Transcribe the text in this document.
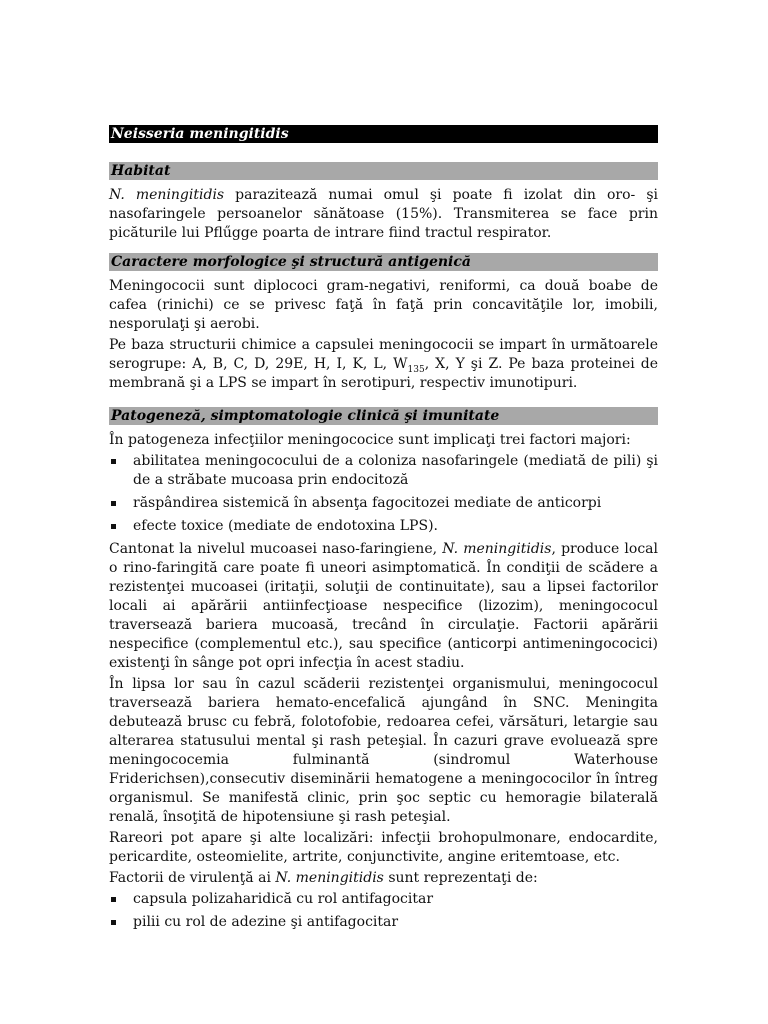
Neisseria meningitidis
Habitat

N. meningitidis parazitează numai omul şi poate fi izolat din oro- şi nasofaringele persoanelor sănătoase (15%). Transmiterea se face prin picăturile lui Pflűgge poarta de intrare fiind tractul respirator.

Caractere morfologice şi structură antigenică

Meningococii sunt diplococi gram-negativi, reniformi, ca două boabe de cafea (rinichi) ce se privesc faţă în faţă prin concavităţile lor, imobili, nesporulaţi şi aerobi.

Pe baza structurii chimice a capsulei meningococii se impart în următoarele serogrupe: A, B, C, D, 29E, H, I, K, L, $W_{135}$, X, Y şi Z. Pe baza proteinei de membrană şi a LPS se impart în serotipuri, respectiv imunotipuri.

Patogeneză, simptomatologie clinică şi imunitate

În patogeneza infecţiilor meningococice sunt implicaţi trei factori majori:

abilitatea meningococului de a coloniza nasofaringele (mediată de pili) şi de a străbate mucoasa prin endocitoză
răspândirea sistemică în absenţa fagocitozei mediate de anticorpi
efecte toxice (mediate de endotoxina LPS).

Cantonat la nivelul mucoasei naso-faringiene, N. meningitidis, produce local o rino-faringită care poate fi uneori asimptomatică. În condiţii de scădere a rezistenţei mucoasei (iritaţii, soluţii de continuitate), sau a lipsei factorilor locali ai apărării antiinfecţioase nespecifice (lizozim), meningococul traversează bariera mucoasă, trecând în circulaţie. Factorii apărării nespecifice (complementul etc.), sau specifice (anticorpi antimeningococici) existenţi în sânge pot opri infecţia în acest stadiu.

În lipsa lor sau în cazul scăderii rezistenţei organismului, meningococul traversează bariera hemato-encefalică ajungând în SNC. Meningita debutează brusc cu febră, folotofobie, redoarea cefei, vărsături, letargie sau alterarea statusului mental şi rash peteşial. În cazuri grave evoluează spre meningococemia fulminantă (sindromul Waterhouse Friderichsen),consecutiv diseminării hematogene a meningococilor în întreg organismul. Se manifestă clinic, prin şoc septic cu hemoragie bilaterală renală, însoţită de hipotensiune şi rash peteşial.

Rareori pot apare şi alte localizări: infecţii brohopulmonare, endocardite, pericardite, osteomielite, artrite, conjunctivite, angine eritemtoase, etc.

Factorii de virulenţă ai N. meningitidis sunt reprezentaţi de:

capsula polizaharidică cu rol antifagocitar
pilii cu rol de adezine şi antifagocitar
